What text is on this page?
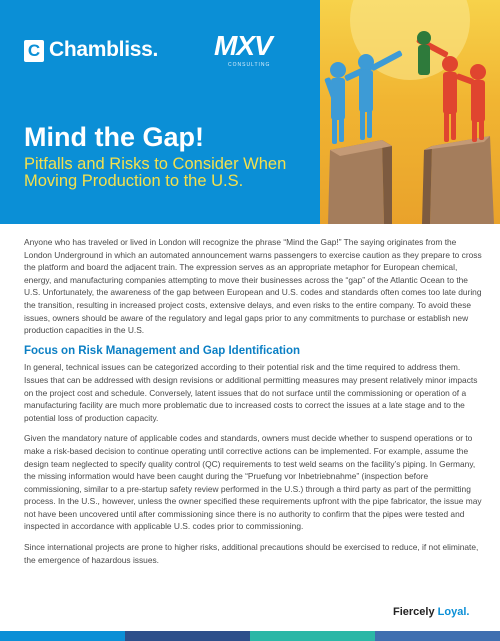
C Chambliss. MXV
CONSULTING
Mind the Gap!
Pitfalls and Risks to Consider When Moving Production to the U.S.

Anyone who has traveled or lived in London will recognize the phrase “Mind the Gap!” The saying originates from the London Underground in which an automated announcement warns passengers to exercise caution as they prepare to cross the platform and board the adjacent train. The expression serves as an appropriate metaphor for European chemical, energy, and manufacturing companies attempting to move their businesses across the “gap” of the Atlantic Ocean to the U.S. Unfortunately, the awareness of the gap between European and U.S. codes and standards often comes too late during the transition, resulting in increased project costs, extensive delays, and even risks to the entire company. To avoid these issues, owners should be aware of the regulatory and legal gaps prior to any commitments to purchase or establish new production capacities in the U.S.

Focus on Risk Management and Gap Identification

In general, technical issues can be categorized according to their potential risk and the time required to address them. Issues that can be addressed with design revisions or additional permitting measures may present relatively minor impacts on the project cost and schedule. Conversely, latent issues that do not surface until the commissioning or operation of a manufacturing facility are much more problematic due to increased costs to correct the issues at a late stage and to the potential loss of production capacity.

Given the mandatory nature of applicable codes and standards, owners must decide whether to suspend operations or to make a risk-based decision to continue operating until corrective actions can be implemented. For example, assume the design team neglected to specify quality control (QC) requirements to test weld seams on the facility’s piping. In Germany, the missing information would have been caught during the “Pruefung vor Inbetriebnahme” (inspection before commissioning, similar to a pre-startup safety review performed in the U.S.) through a third party as part of the permitting process. In the U.S., however, unless the owner specified these requirements upfront with the pipe fabricator, the issue may not have been uncovered until after commissioning since there is no authority to confirm that the pipes were tested and inspected in accordance with applicable U.S. codes prior to commissioning.

Since international projects are prone to higher risks, additional precautions should be exercised to reduce, if not eliminate, the emergence of hazardous issues.

Fiercely Loyal.
